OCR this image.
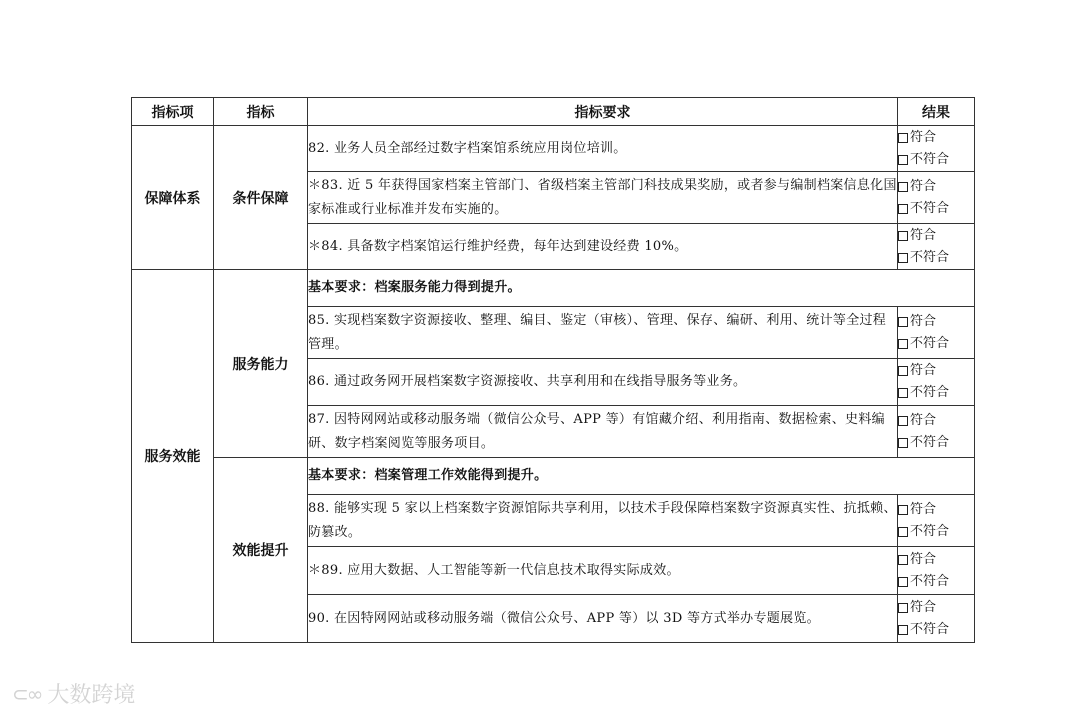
指标项	指标	指标要求	结果
保障体系	条件保障	82. 业务人员全部经过数字档案馆系统应用岗位培训。	符合
不符合

		＊83. 近 5 年获得国家档案主管部门、省级档案主管部门科技成果奖励，或者参与编制档案信息化国家标准或行业标准并发布实施的。	符合
不符合

		＊84. 具备数字档案馆运行维护经费，每年达到建设经费 10%。	符合
不符合

服务效能	服务能力	基本要求：档案服务能力得到提升。	
		85. 实现档案数字资源接收、整理、编目、鉴定（审核）、管理、保存、编研、利用、统计等全过程管理。	符合
不符合

		86. 通过政务网开展档案数字资源接收、共享利用和在线指导服务等业务。	符合
不符合

		87. 因特网网站或移动服务端（微信公众号、APP 等）有馆藏介绍、利用指南、数据检索、史料编研、数字档案阅览等服务项目。	符合
不符合

	效能提升	基本要求：档案管理工作效能得到提升。	
		88. 能够实现 5 家以上档案数字资源馆际共享利用，以技术手段保障档案数字资源真实性、抗抵赖、防篡改。	符合
不符合

		＊89. 应用大数据、人工智能等新一代信息技术取得实际成效。	符合
不符合

		90. 在因特网网站或移动服务端（微信公众号、APP 等）以 3D 等方式举办专题展览。	符合
不符合
⊂∞ 大数跨境
